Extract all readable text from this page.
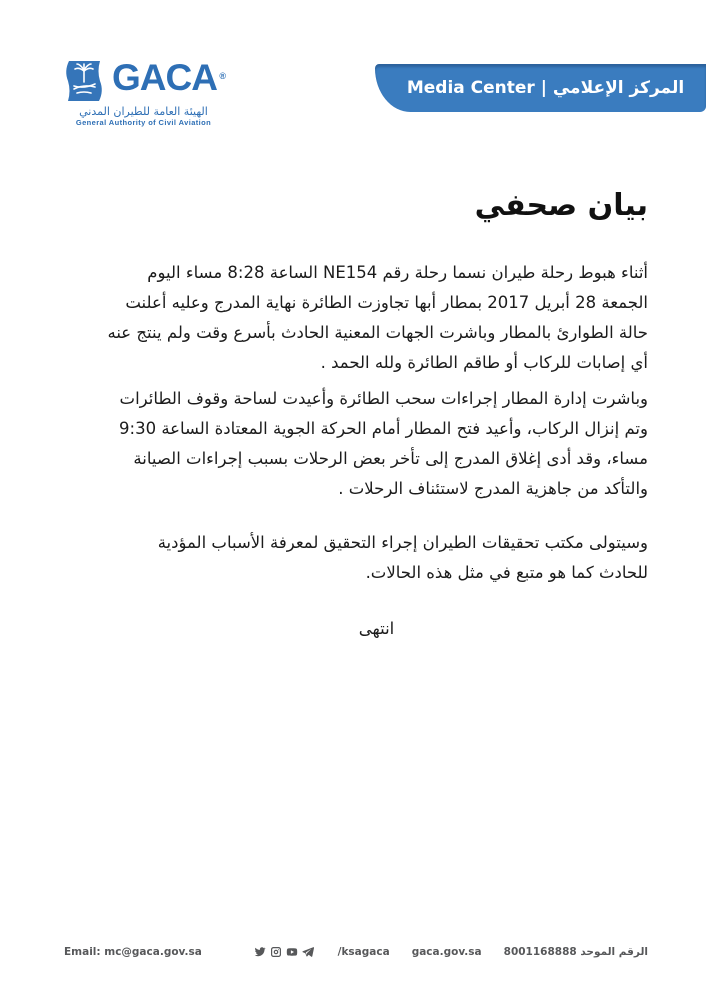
GACA ®
الهيئة العامة للطيران المدني
General Authority of Civil Aviation
Media Center | المركز الإعلامي
بيان صحفي

أثناء هبوط رحلة طيران نسما رحلة رقم NE154 الساعة 8:28 مساء اليوم الجمعة 28 أبريل 2017 بمطار أبها تجاوزت الطائرة نهاية المدرج وعليه أعلنت حالة الطوارئ بالمطار وباشرت الجهات المعنية الحادث بأسرع وقت ولم ينتج عنه أي إصابات للركاب أو طاقم الطائرة ولله الحمد .

وباشرت إدارة المطار إجراءات سحب الطائرة وأعيدت لساحة وقوف الطائرات وتم إنزال الركاب، وأعيد فتح المطار أمام الحركة الجوية المعتادة الساعة 9:30 مساء، وقد أدى إغلاق المدرج إلى تأخر بعض الرحلات بسبب إجراءات الصيانة والتأكد من جاهزية المدرج لاستئناف الرحلات .

وسيتولى مكتب تحقيقات الطيران إجراء التحقيق لمعرفة الأسباب المؤدية للحادث كما هو متبع في مثل هذه الحالات.

انتهى
Email: mc@gaca.gov.sa	/ksagaca gaca.gov.sa الرقم الموحد 8001168888
